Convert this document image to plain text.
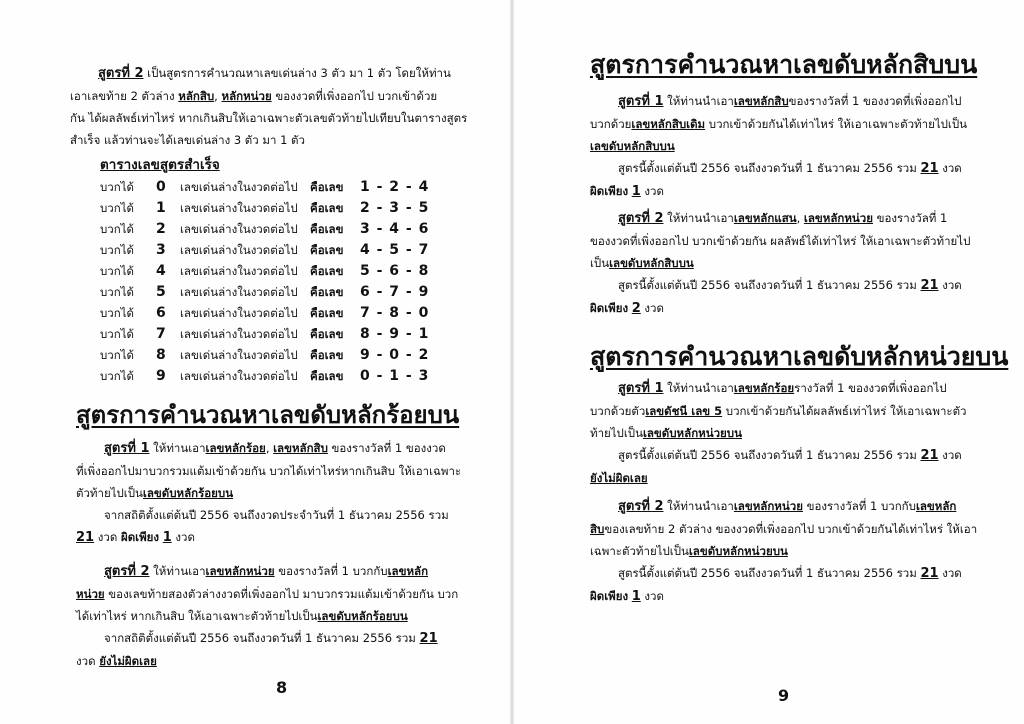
สูตรที่ 2 เป็นสูตรการคำนวณหาเลขเด่นล่าง 3 ตัว มา 1 ตัว โดยให้ท่าน
เอาเลขท้าย 2 ตัวล่าง หลักสิบ, หลักหน่วย ของงวดที่เพิ่งออกไป บวกเข้าด้วย
กัน ได้ผลลัพธ์เท่าไหร่ หากเกินสิบให้เอาเฉพาะตัวเลขตัวท้ายไปเทียบในตารางสูตร
สำเร็จ แล้วท่านจะได้เลขเด่นล่าง 3 ตัว มา 1 ตัว
ตารางเลขสูตรสำเร็จ
บวกได้ 0 เลขเด่นล่างในงวดต่อไป คือเลข 1 - 2 - 4
บวกได้ 1 เลขเด่นล่างในงวดต่อไป คือเลข 2 - 3 - 5
บวกได้ 2 เลขเด่นล่างในงวดต่อไป คือเลข 3 - 4 - 6
บวกได้ 3 เลขเด่นล่างในงวดต่อไป คือเลข 4 - 5 - 7
บวกได้ 4 เลขเด่นล่างในงวดต่อไป คือเลข 5 - 6 - 8
บวกได้ 5 เลขเด่นล่างในงวดต่อไป คือเลข 6 - 7 - 9
บวกได้ 6 เลขเด่นล่างในงวดต่อไป คือเลข 7 - 8 - 0
บวกได้ 7 เลขเด่นล่างในงวดต่อไป คือเลข 8 - 9 - 1
บวกได้ 8 เลขเด่นล่างในงวดต่อไป คือเลข 9 - 0 - 2
บวกได้ 9 เลขเด่นล่างในงวดต่อไป คือเลข 0 - 1 - 3
สูตรการคำนวณหาเลขดับหลักร้อยบน
สูตรที่ 1 ให้ท่านเอาเลขหลักร้อย, เลขหลักสิบ ของรางวัลที่ 1 ของงวด
ที่เพิ่งออกไปมาบวกรวมแต้มเข้าด้วยกัน บวกได้เท่าไหร่หากเกินสิบ ให้เอาเฉพาะ
ตัวท้ายไปเป็นเลขดับหลักร้อยบน
จากสถิติตั้งแต่ต้นปี 2556 จนถึงงวดประจำวันที่ 1 ธันวาคม 2556 รวม
21 งวด ผิดเพียง 1 งวด
สูตรที่ 2 ให้ท่านเอาเลขหลักหน่วย ของรางวัลที่ 1 บวกกับเลขหลัก
หน่วย ของเลขท้ายสองตัวล่างงวดที่เพิ่งออกไป มาบวกรวมแต้มเข้าด้วยกัน บวก
ได้เท่าไหร่ หากเกินสิบ ให้เอาเฉพาะตัวท้ายไปเป็นเลขดับหลักร้อยบน
จากสถิติตั้งแต่ต้นปี 2556 จนถึงงวดวันที่ 1 ธันวาคม 2556 รวม 21
งวด ยังไม่ผิดเลย
8
สูตรการคำนวณหาเลขดับหลักสิบบน
สูตรที่ 1 ให้ท่านนำเอาเลขหลักสิบของรางวัลที่ 1 ของงวดที่เพิ่งออกไป
บวกด้วยเลขหลักสิบเดิม บวกเข้าด้วยกันได้เท่าไหร่ ให้เอาเฉพาะตัวท้ายไปเป็น
เลขดับหลักสิบบน
สูตรนี้ตั้งแต่ต้นปี 2556 จนถึงงวดวันที่ 1 ธันวาคม 2556 รวม 21 งวด
ผิดเพียง 1 งวด
สูตรที่ 2 ให้ท่านนำเอาเลขหลักแสน, เลขหลักหน่วย ของรางวัลที่ 1
ของงวดที่เพิ่งออกไป บวกเข้าด้วยกัน ผลลัพธ์ได้เท่าไหร่ ให้เอาเฉพาะตัวท้ายไป
เป็นเลขดับหลักสิบบน
สูตรนี้ตั้งแต่ต้นปี 2556 จนถึงงวดวันที่ 1 ธันวาคม 2556 รวม 21 งวด
ผิดเพียง 2 งวด
สูตรการคำนวณหาเลขดับหลักหน่วยบน
สูตรที่ 1 ให้ท่านนำเอาเลขหลักร้อยรางวัลที่ 1 ของงวดที่เพิ่งออกไป
บวกด้วยตัวเลขดัชนี เลข 5 บวกเข้าด้วยกันได้ผลลัพธ์เท่าไหร่ ให้เอาเฉพาะตัว
ท้ายไปเป็นเลขดับหลักหน่วยบน
สูตรนี้ตั้งแต่ต้นปี 2556 จนถึงงวดวันที่ 1 ธันวาคม 2556 รวม 21 งวด
ยังไม่ผิดเลย
สูตรที่ 2 ให้ท่านนำเอาเลขหลักหน่วย ของรางวัลที่ 1 บวกกับเลขหลัก
สิบของเลขท้าย 2 ตัวล่าง ของงวดที่เพิ่งออกไป บวกเข้าด้วยกันได้เท่าไหร่ ให้เอา
เฉพาะตัวท้ายไปเป็นเลขดับหลักหน่วยบน
สูตรนี้ตั้งแต่ต้นปี 2556 จนถึงงวดวันที่ 1 ธันวาคม 2556 รวม 21 งวด
ผิดเพียง 1 งวด
9
